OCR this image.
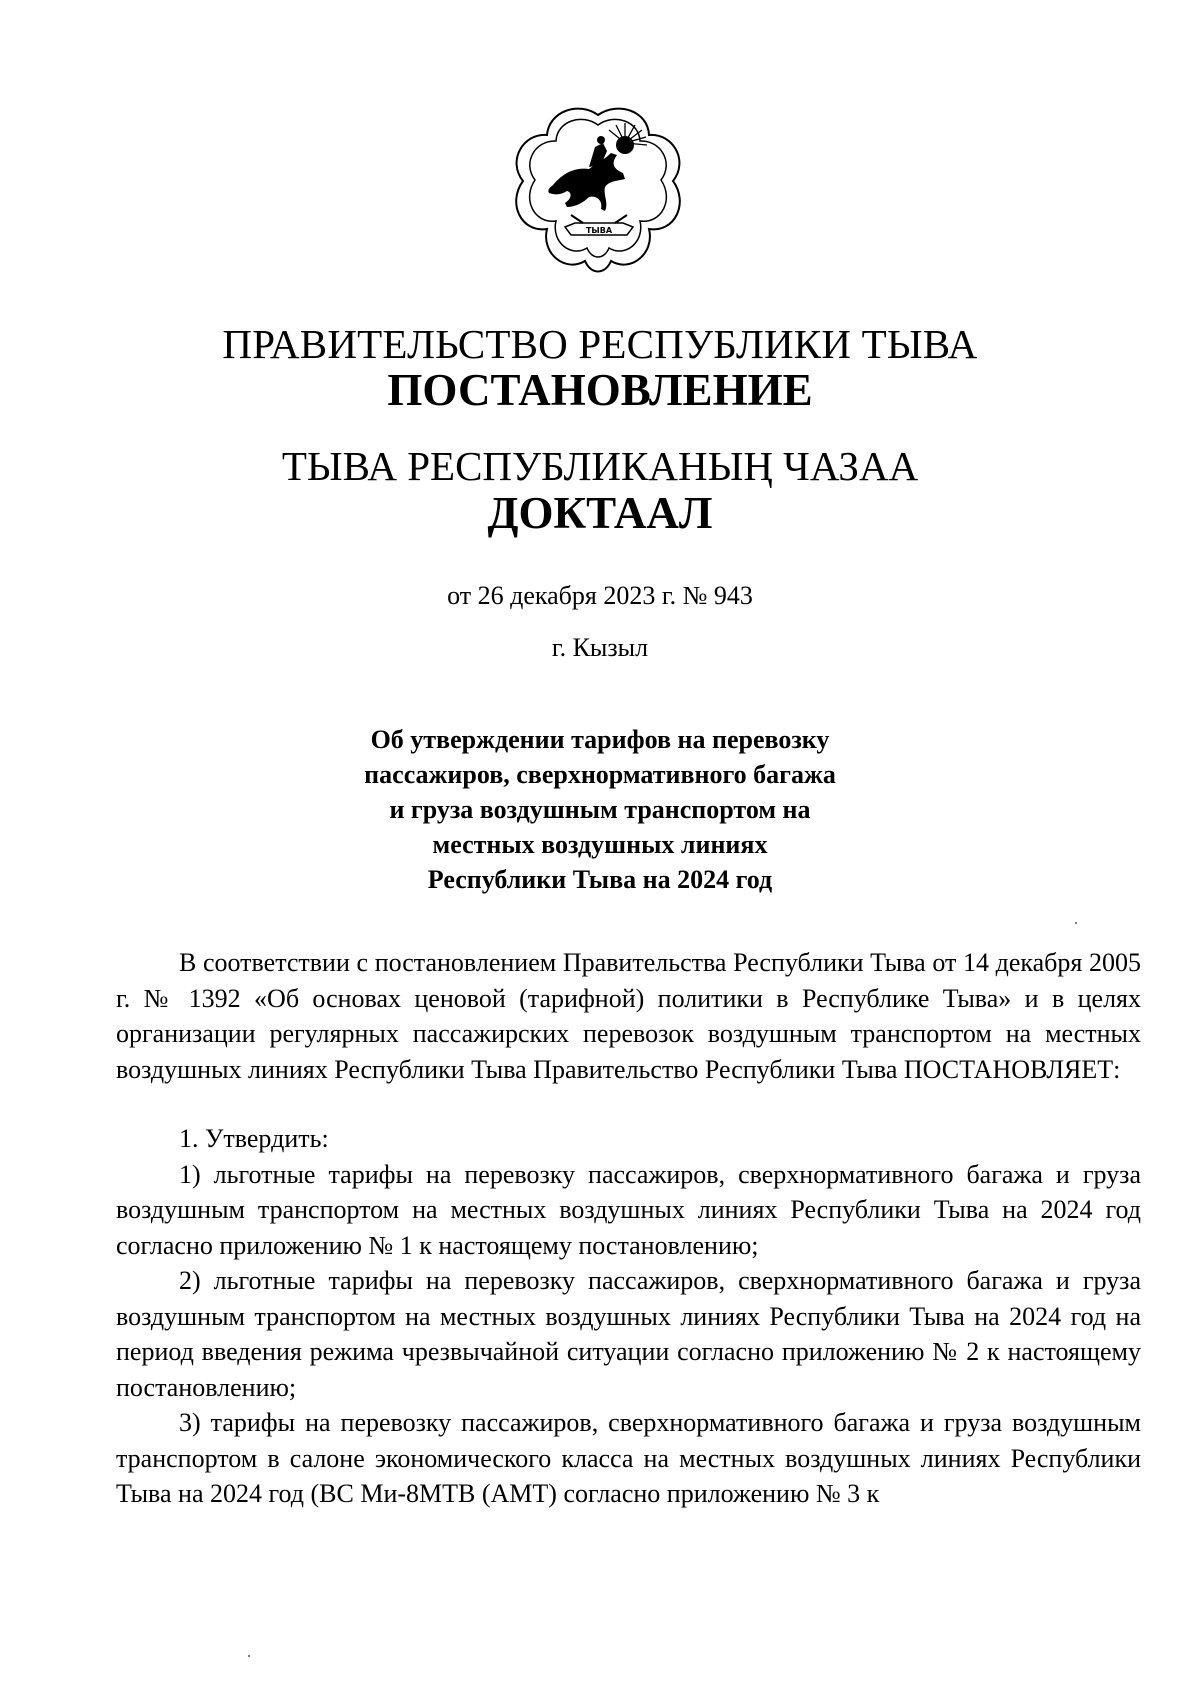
ТЫВА
ПРАВИТЕЛЬСТВО РЕСПУБЛИКИ ТЫВА
ПОСТАНОВЛЕНИЕ
ТЫВА РЕСПУБЛИКАНЫҢ ЧАЗАА
ДОКТААЛ
от 26 декабря 2023 г. № 943
г. Кызыл
Об утверждении тарифов на перевозку
пассажиров, сверхнормативного багажа
и груза воздушным транспортом на
местных воздушных линиях
Республики Тыва на 2024 год

В соответствии с постановлением Правительства Республики Тыва от 14 декабря 2005 г. № 1392 «Об основах ценовой (тарифной) политики в Республике Тыва» и в целях организации регулярных пассажирских перевозок воздушным транспортом на местных воздушных линиях Республики Тыва Правительство Республики Тыва ПОСТАНОВЛЯЕТ:

1. Утвердить:

1) льготные тарифы на перевозку пассажиров, сверхнормативного багажа и груза воздушным транспортом на местных воздушных линиях Республики Тыва на 2024 год согласно приложению № 1 к настоящему постановлению;

2) льготные тарифы на перевозку пассажиров, сверхнормативного багажа и груза воздушным транспортом на местных воздушных линиях Республики Тыва на 2024 год на период введения режима чрезвычайной ситуации согласно приложению № 2 к настоящему постановлению;

3) тарифы на перевозку пассажиров, сверхнормативного багажа и груза воздушным транспортом в салоне экономического класса на местных воздушных линиях Республики Тыва на 2024 год (ВС Ми-8МТВ (АМТ) согласно приложению № 3 к
